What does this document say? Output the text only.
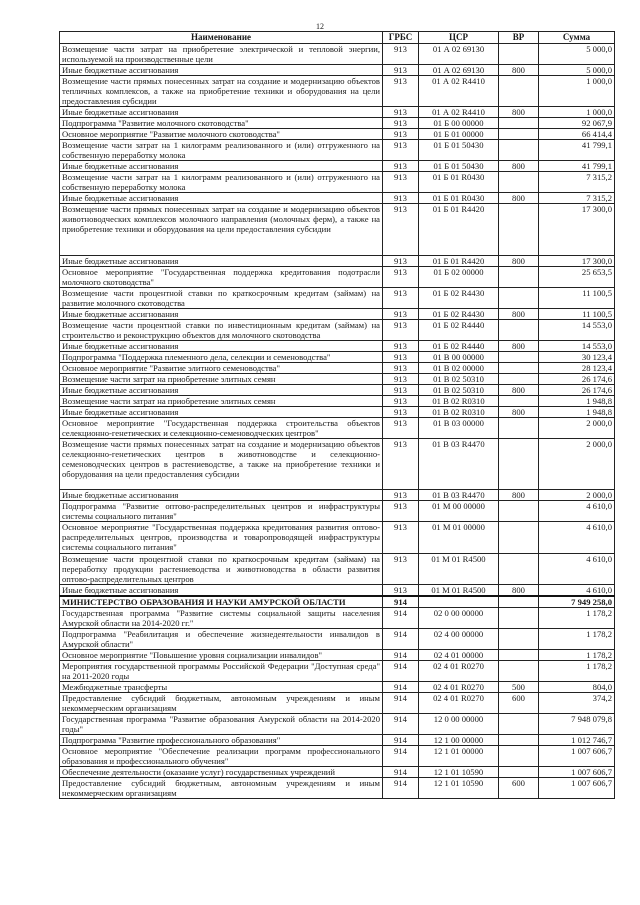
12
Наименование	ГРБС	ЦСР	ВР	Сумма
Возмещение части затрат на приобретение электрической и тепловой энергии, используемой на производственные цели	913	01 А 02 69130		5 000,0
Иные бюджетные ассигнования	913	01 А 02 69130	800	5 000,0
Возмещение части прямых понесенных затрат на создание и модернизацию объектов тепличных комплексов, а также на приобретение техники и оборудования на цели предоставления субсидии	913	01 А 02 R4410		1 000,0
Иные бюджетные ассигнования	913	01 А 02 R4410	800	1 000,0
Подпрограмма "Развитие молочного скотоводства"	913	01 Б 00 00000		92 067,9
Основное мероприятие "Развитие молочного скотоводства"	913	01 Б 01 00000		66 414,4
Возмещение части затрат на 1 килограмм реализованного и (или) отгруженного на собственную переработку молока	913	01 Б 01 50430		41 799,1
Иные бюджетные ассигнования	913	01 Б 01 50430	800	41 799,1
Возмещение части затрат на 1 килограмм реализованного и (или) отгруженного на собственную переработку молока	913	01 Б 01 R0430		7 315,2
Иные бюджетные ассигнования	913	01 Б 01 R0430	800	7 315,2
Возмещение части прямых понесенных затрат на создание и модернизацию объектов животноводческих комплексов молочного направления (молочных ферм), а также на приобретение техники и оборудования на цели предоставления субсидии	913	01 Б 01 R4420		17 300,0
Иные бюджетные ассигнования	913	01 Б 01 R4420	800	17 300,0
Основное мероприятие "Государственная поддержка кредитования подотрасли молочного скотоводства"	913	01 Б 02 00000		25 653,5
Возмещение части процентной ставки по краткосрочным кредитам (займам) на развитие молочного скотоводства	913	01 Б 02 R4430		11 100,5
Иные бюджетные ассигнования	913	01 Б 02 R4430	800	11 100,5
Возмещение части процентной ставки по инвестиционным кредитам (займам) на строительство и реконструкцию объектов для молочного скотоводства	913	01 Б 02 R4440		14 553,0
Иные бюджетные ассигнования	913	01 Б 02 R4440	800	14 553,0
Подпрограмма "Поддержка племенного дела, селекции и семеноводства"	913	01 В 00 00000		30 123,4
Основное мероприятие "Развитие элитного семеноводства"	913	01 В 02 00000		28 123,4
Возмещение части затрат на приобретение элитных семян	913	01 В 02 50310		26 174,6
Иные бюджетные ассигнования	913	01 В 02 50310	800	26 174,6
Возмещение части затрат на приобретение элитных семян	913	01 В 02 R0310		1 948,8
Иные бюджетные ассигнования	913	01 В 02 R0310	800	1 948,8
Основное мероприятие "Государственная поддержка строительства объектов селекционно-генетических и селекционно-семеноводческих центров"	913	01 В 03 00000		2 000,0
Возмещение части прямых понесенных затрат на создание и модернизацию объектов селекционно-генетических центров в животноводстве и селекционно-семеноводческих центров в растениеводстве, а также на приобретение техники и оборудования на цели предоставления субсидии	913	01 В 03 R4470		2 000,0
Иные бюджетные ассигнования	913	01 В 03 R4470	800	2 000,0
Подпрограмма "Развитие оптово-распределительных центров и инфраструктуры системы социального питания"	913	01 М 00 00000		4 610,0
Основное мероприятие "Государственная поддержка кредитования развития оптово-распределительных центров, производства и товаропроводящей инфраструктуры системы социального питания"	913	01 М 01 00000		4 610,0
Возмещение части процентной ставки по краткосрочным кредитам (займам) на переработку продукции растениеводства и животноводства в области развития оптово-распределительных центров	913	01 М 01 R4500		4 610,0
Иные бюджетные ассигнования	913	01 М 01 R4500	800	4 610,0
МИНИСТЕРСТВО ОБРАЗОВАНИЯ И НАУКИ АМУРСКОЙ ОБЛАСТИ	914			7 949 258,0
Государственная программа "Развитие системы социальной защиты населения Амурской области на 2014-2020 гг."	914	02 0 00 00000		1 178,2
Подпрограмма "Реабилитация и обеспечение жизнедеятельности инвалидов в Амурской области"	914	02 4 00 00000		1 178,2
Основное мероприятие "Повышение уровня социализации инвалидов"	914	02 4 01 00000		1 178,2
Мероприятия государственной программы Российской Федерации "Доступная среда" на 2011-2020 годы	914	02 4 01 R0270		1 178,2
Межбюджетные трансферты	914	02 4 01 R0270	500	804,0
Предоставление субсидий бюджетным, автономным учреждениям и иным некоммерческим организациям	914	02 4 01 R0270	600	374,2
Государственная программа "Развитие образования Амурской области на 2014-2020 годы"	914	12 0 00 00000		7 948 079,8
Подпрограмма "Развитие профессионального образования"	914	12 1 00 00000		1 012 746,7
Основное мероприятие "Обеспечение реализации программ профессионального образования и профессионального обучения"	914	12 1 01 00000		1 007 606,7
Обеспечение деятельности (оказание услуг) государственных учреждений	914	12 1 01 10590		1 007 606,7
Предоставление субсидий бюджетным, автономным учреждениям и иным некоммерческим организациям	914	12 1 01 10590	600	1 007 606,7
